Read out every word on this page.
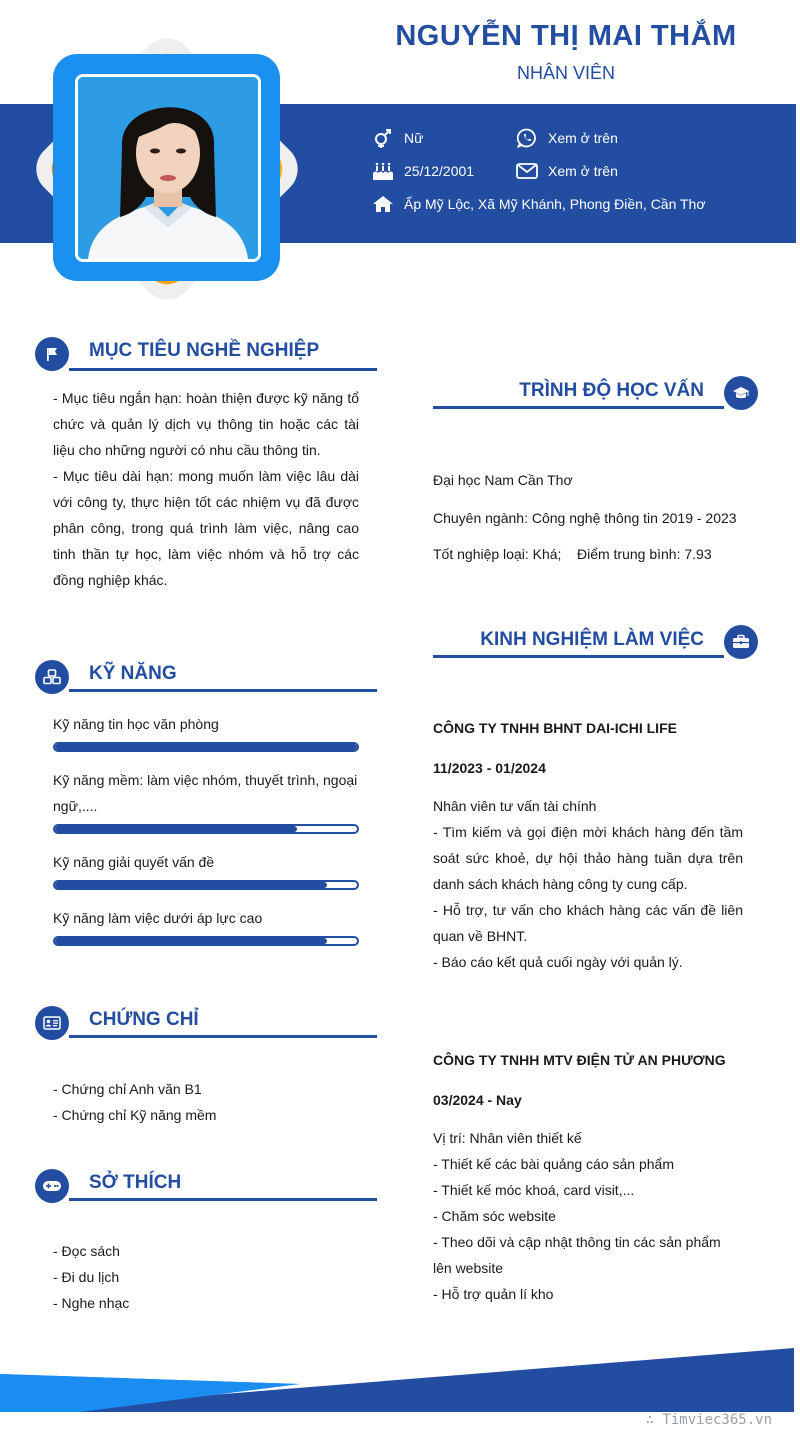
NGUYỄN THỊ MAI THẮM
NHÂN VIÊN
Nữ	Xem ở trên
25/12/2001	Xem ở trên
Ấp Mỹ Lộc, Xã Mỹ Khánh, Phong Điền, Cần Thơ
MỤC TIÊU NGHỀ NGHIỆP
- Mục tiêu ngắn hạn: hoàn thiện được kỹ năng tổ chức và quản lý dịch vụ thông tin hoặc các tài liệu cho những người có nhu cầu thông tin.
- Mục tiêu dài hạn: mong muốn làm việc lâu dài với công ty, thực hiện tốt các nhiệm vụ đã được phân công, trong quá trình làm việc, nâng cao tinh thần tự học, làm việc nhóm và hỗ trợ các đồng nghiệp khác.
TRÌNH ĐỘ HỌC VẤN
Đại học Nam Cần Thơ
Chuyên ngành: Công nghệ thông tin 2019 - 2023
Tốt nghiệp loại: Khá;    Điểm trung bình: 7.93
KỸ NĂNG
Kỹ năng tin học văn phòng
Kỹ năng mềm: làm việc nhóm, thuyết trình, ngoại ngữ,....
Kỹ năng giải quyết vấn đề
Kỹ năng làm việc dưới áp lực cao
KINH NGHIỆM LÀM VIỆC
CÔNG TY TNHH BHNT DAI-ICHI LIFE
11/2023 - 01/2024
Nhân viên tư vấn tài chính
- Tìm kiếm và gọi điện mời khách hàng đến tầm soát sức khoẻ, dự hội thảo hàng tuần dựa trên danh sách khách hàng công ty cung cấp.
- Hỗ trợ, tư vấn cho khách hàng các vấn đề liên quan về BHNT.
- Báo cáo kết quả cuối ngày với quản lý.
CÔNG TY TNHH MTV ĐIỆN TỬ AN PHƯƠNG
03/2024 - Nay
Vị trí: Nhân viên thiết kế
- Thiết kế các bài quảng cáo sản phẩm
- Thiết kế móc khoá, card visit,...
- Chăm sóc website
- Theo dõi và cập nhật thông tin các sản phẩm lên website
- Hỗ trợ quản lí kho
CHỨNG CHỈ
- Chứng chỉ Anh văn B1
- Chứng chỉ Kỹ năng mềm
SỞ THÍCH
- Đọc sách
- Đi du lịch
- Nghe nhạc
∴ Timviec365.vn
